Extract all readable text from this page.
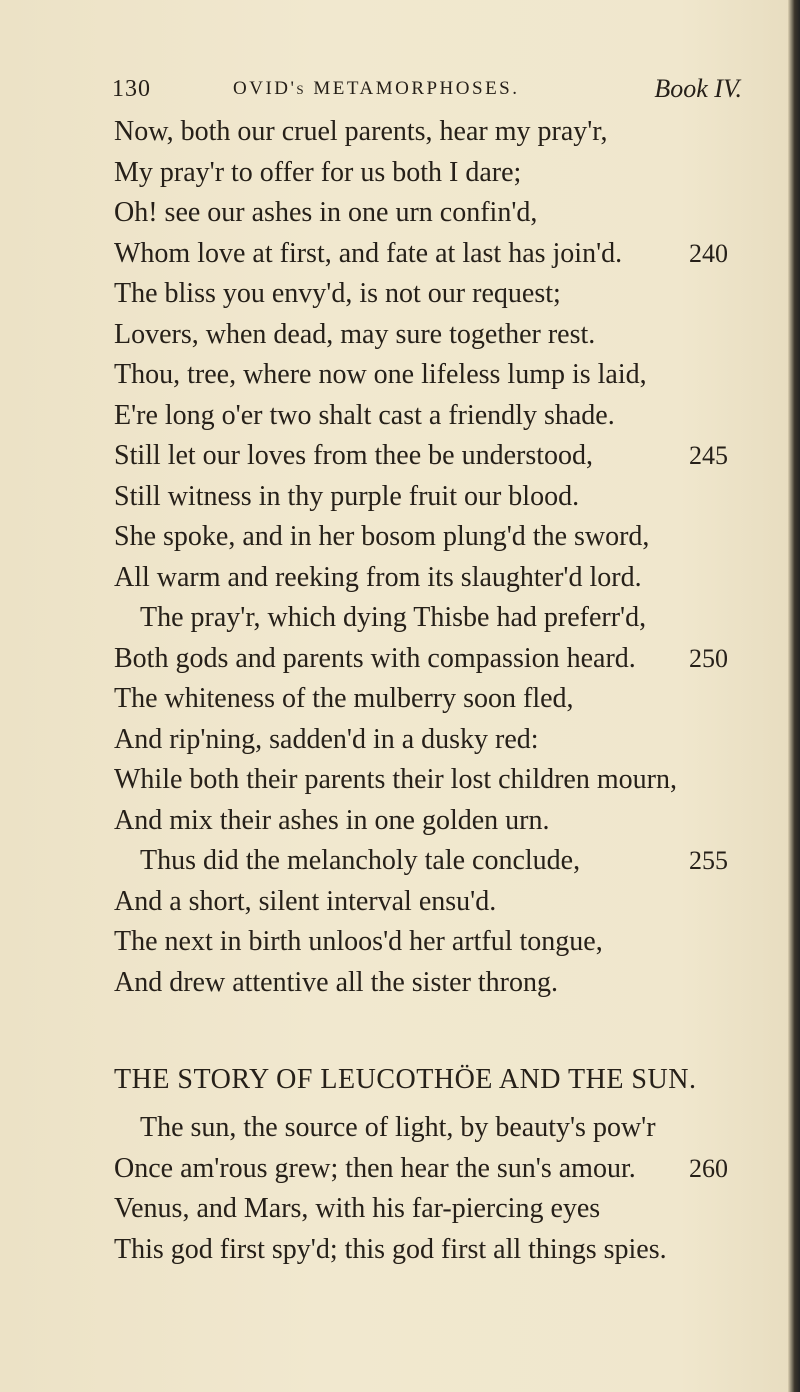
130	OVID's METAMORPHOSES.	Book IV.
Now, both our cruel parents, hear my pray'r,
My pray'r to offer for us both I dare;
Oh! see our ashes in one urn confin'd,
Whom love at first, and fate at last has join'd.	240
The bliss you envy'd, is not our request;
Lovers, when dead, may sure together rest.
Thou, tree, where now one lifeless lump is laid,
E're long o'er two shalt cast a friendly shade.
Still let our loves from thee be understood,	245
Still witness in thy purple fruit our blood.
She spoke, and in her bosom plung'd the sword,
All warm and reeking from its slaughter'd lord.
The pray'r, which dying Thisbe had preferr'd,
Both gods and parents with compassion heard. 250
The whiteness of the mulberry soon fled,
And rip'ning, sadden'd in a dusky red:
While both their parents their lost children mourn,
And mix their ashes in one golden urn.
Thus did the melancholy tale conclude,	255
And a short, silent interval ensu'd.
The next in birth unloos'd her artful tongue,
And drew attentive all the sister throng.
THE STORY OF LEUCOTHÖE AND THE SUN.
The sun, the source of light, by beauty's pow'r
Once am'rous grew; then hear the sun's amour. 260
Venus, and Mars, with his far-piercing eyes
This god first spy'd; this god first all things spies.
